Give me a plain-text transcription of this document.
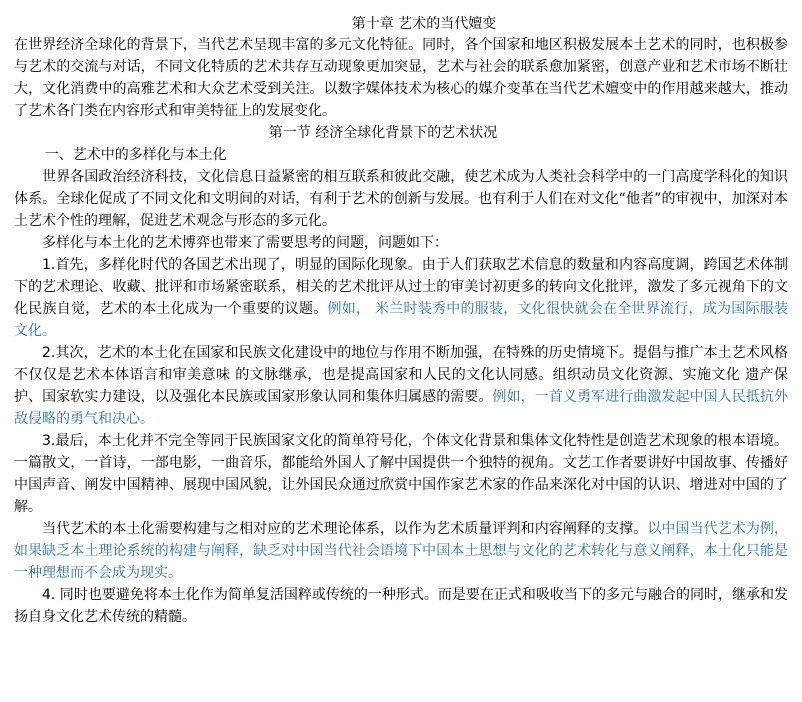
第十章 艺术的当代嬗变

在世界经济全球化的背景下，当代艺术呈现丰富的多元文化特征。同时，各个国家和地区积极发展本土艺术的同时，也积极参与艺术的交流与对话，不同文化特质的艺术共存互动现象更加突显，艺术与社会的联系愈加紧密，创意产业和艺术市场不断壮大，文化消费中的高雅艺术和大众艺术受到关注。以数字媒体技术为核心的媒介变革在当代艺术嬗变中的作用越来越大，推动了艺术各门类在内容形式和审美特征上的发展变化。

第一节 经济全球化背景下的艺术状况

一、艺术中的多样化与本土化

世界各国政治经济科技，文化信息日益紧密的相互联系和彼此交融，使艺术成为人类社会科学中的一门高度学科化的知识体系。全球化促成了不同文化和文明间的对话，有利于艺术的创新与发展。也有利于人们在对文化“他者”的审视中，加深对本土艺术个性的理解，促进艺术观念与形态的多元化。

多样化与本土化的艺术博弈也带来了需要思考的问题，问题如下：

1.首先，多样化时代的各国艺术出现了，明显的国际化现象。由于人们获取艺术信息的数量和内容高度调，跨国艺术体制下的艺术理论、收藏、批评和市场紧密联系，相关的艺术批评从过土的审美讨初更多的转向文化批评，激发了多元视角下的文化民族自觉，艺术的本土化成为一个重要的议题。例如， 米兰时装秀中的服装，文化很快就会在全世界流行，成为国际服装文化。

2.其次，艺术的本土化在国家和民族文化建设中的地位与作用不断加强，在特殊的历史情境下。提倡与推广本土艺术风格不仅仅是艺术本体语言和审美意味 的文脉继承，也是提高国家和人民的文化认同感。组织动员文化资源、实施文化 遗产保护、国家软实力建设，以及强化本民族或国家形象认同和集体归属感的需要。例如，一首义勇军进行曲激发起中国人民抵抗外敌侵略的勇气和决心。

3.最后，本土化并不完全等同于民族国家文化的简单符号化，个体文化背景和集体文化特性是创造艺术现象的根本语境。一篇散文，一首诗，一部电影，一曲音乐，都能给外国人了解中国提供一个独特的视角。文艺工作者要讲好中国故事、传播好中国声音、阐发中国精神、展现中国风貌，让外国民众通过欣赏中国作家艺术家的作品来深化对中国的认识、增进对中国的了解。

当代艺术的本土化需要构建与之相对应的艺术理论体系，以作为艺术质量评判和内容阐释的支撑。以中国当代艺术为例，如果缺乏本土理论系统的构建与阐释，缺乏对中国当代社会语境下中国本土思想与文化的艺术转化与意义阐释，本土化只能是一种理想而不会成为现实。

4. 同时也要避免将本土化作为简单复活国粹或传统的一种形式。而是要在正式和吸收当下的多元与融合的同时，继承和发扬自身文化艺术传统的精髓。
